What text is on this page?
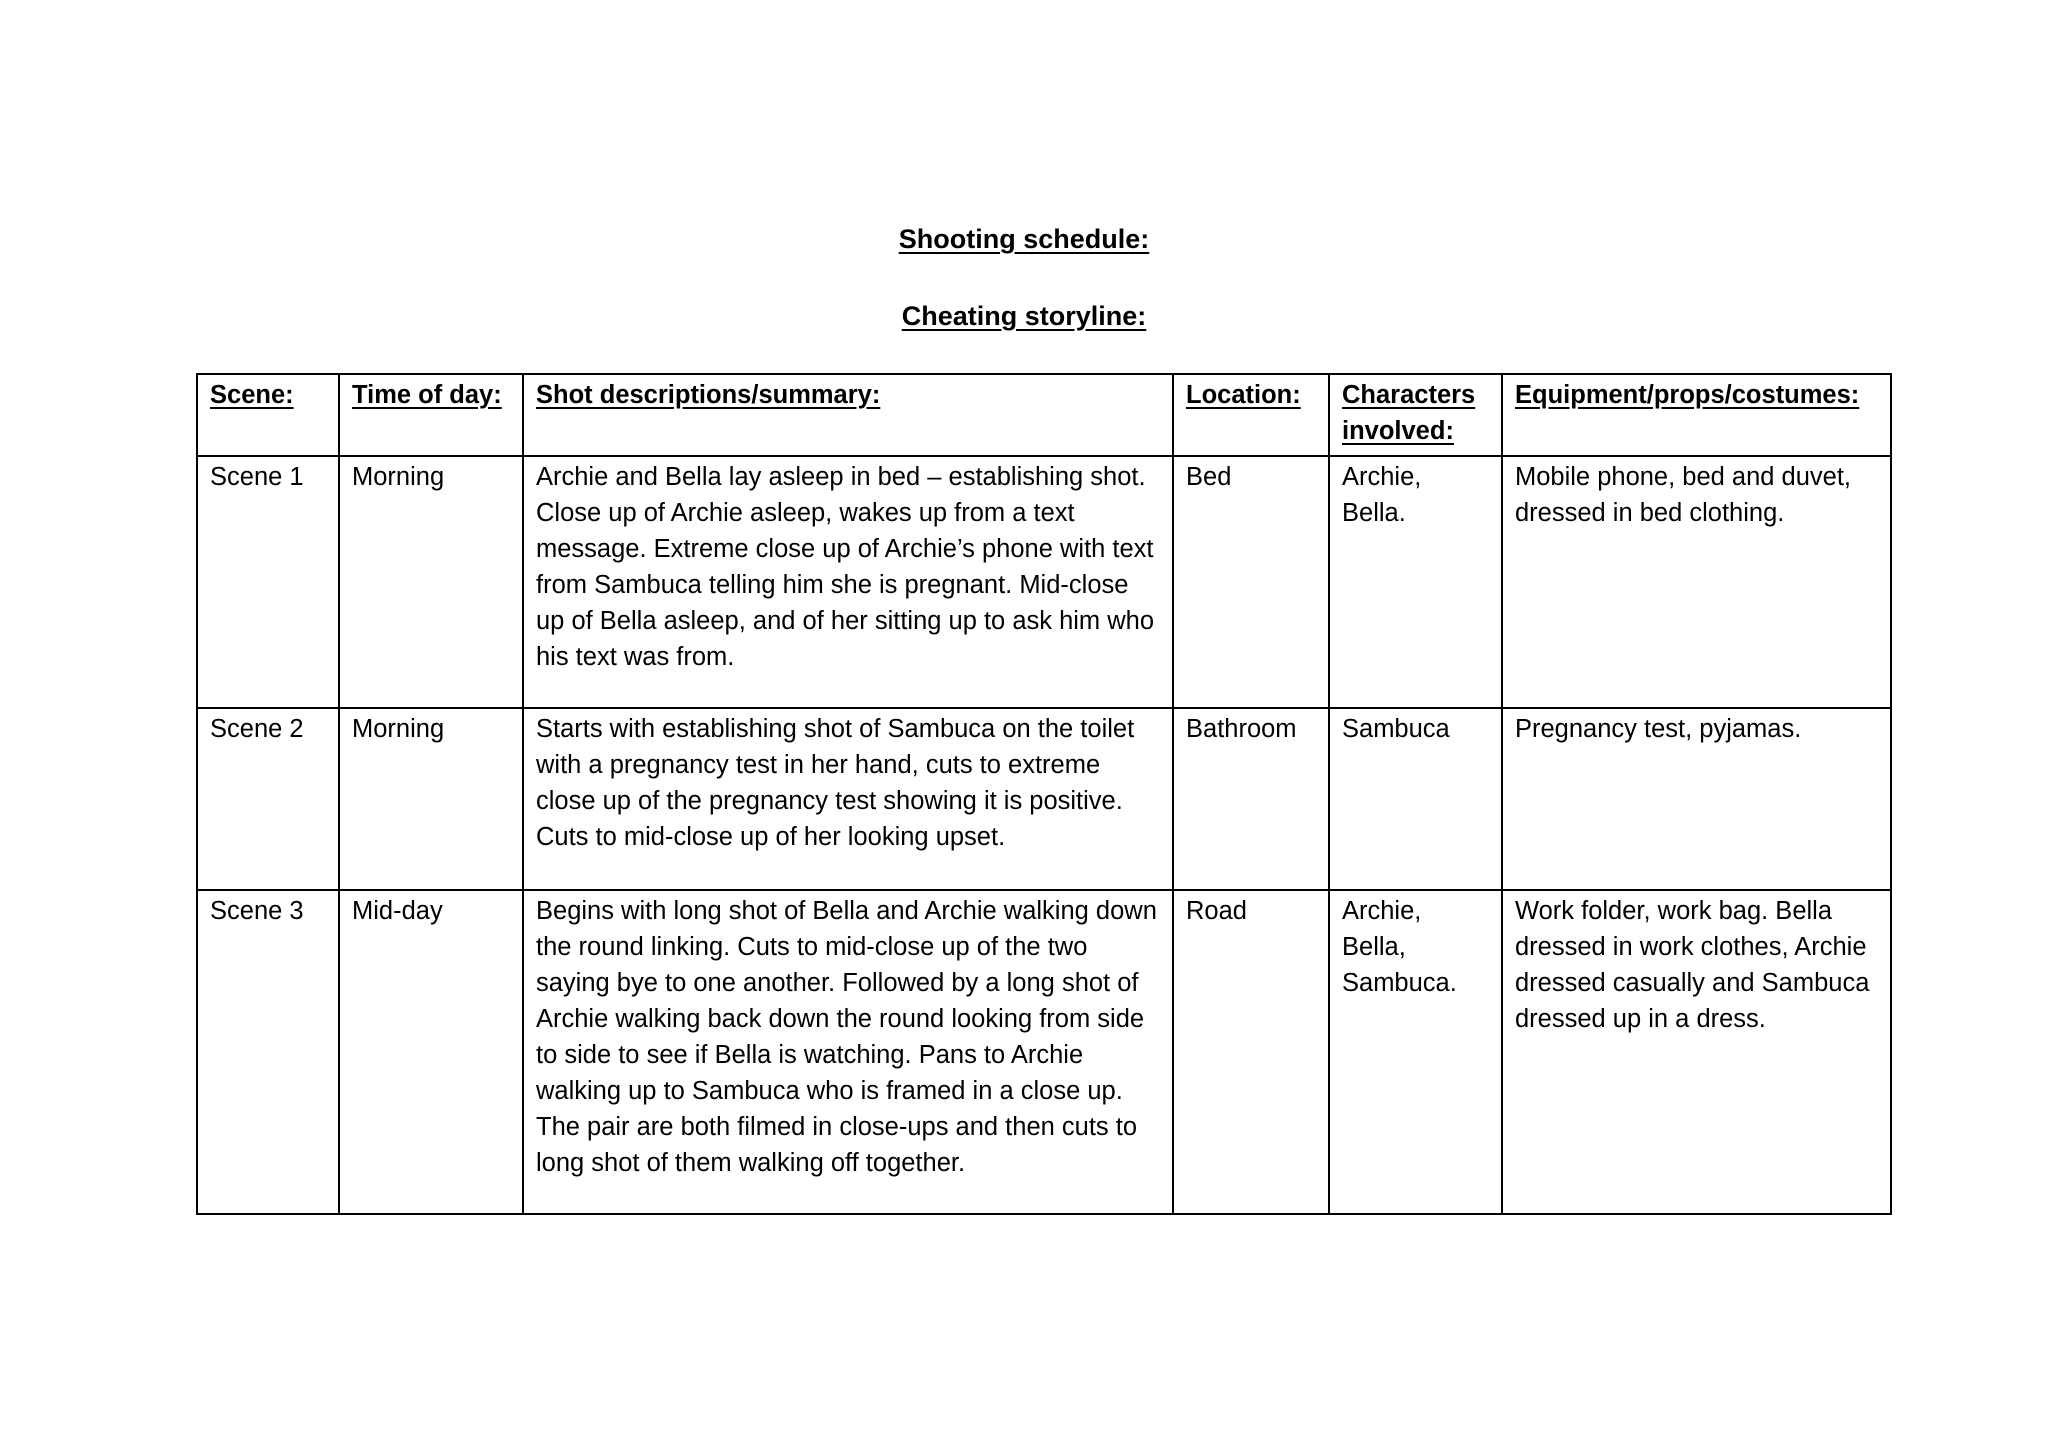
Shooting schedule:
Cheating storyline:
Scene:	Time of day:	Shot descriptions/summary:	Location:	Characters involved:	Equipment/props/costumes:
Scene 1	Morning	Archie and Bella lay asleep in bed – establishing shot. Close up of Archie asleep, wakes up from a text message. Extreme close up of Archie’s phone with text from Sambuca telling him she is pregnant. Mid-close up of Bella asleep, and of her sitting up to ask him who his text was from.	Bed	Archie, Bella.	Mobile phone, bed and duvet, dressed in bed clothing.
Scene 2	Morning	Starts with establishing shot of Sambuca on the toilet with a pregnancy test in her hand, cuts to extreme close up of the pregnancy test showing it is positive. Cuts to mid-close up of her looking upset.	Bathroom	Sambuca	Pregnancy test, pyjamas.
Scene 3	Mid-day	Begins with long shot of Bella and Archie walking down the round linking. Cuts to mid-close up of the two saying bye to one another. Followed by a long shot of Archie walking back down the round looking from side to side to see if Bella is watching. Pans to Archie walking up to Sambuca who is framed in a close up. The pair are both filmed in close-ups and then cuts to long shot of them walking off together.	Road	Archie, Bella, Sambuca.	Work folder, work bag. Bella dressed in work clothes, Archie dressed casually and Sambuca dressed up in a dress.
